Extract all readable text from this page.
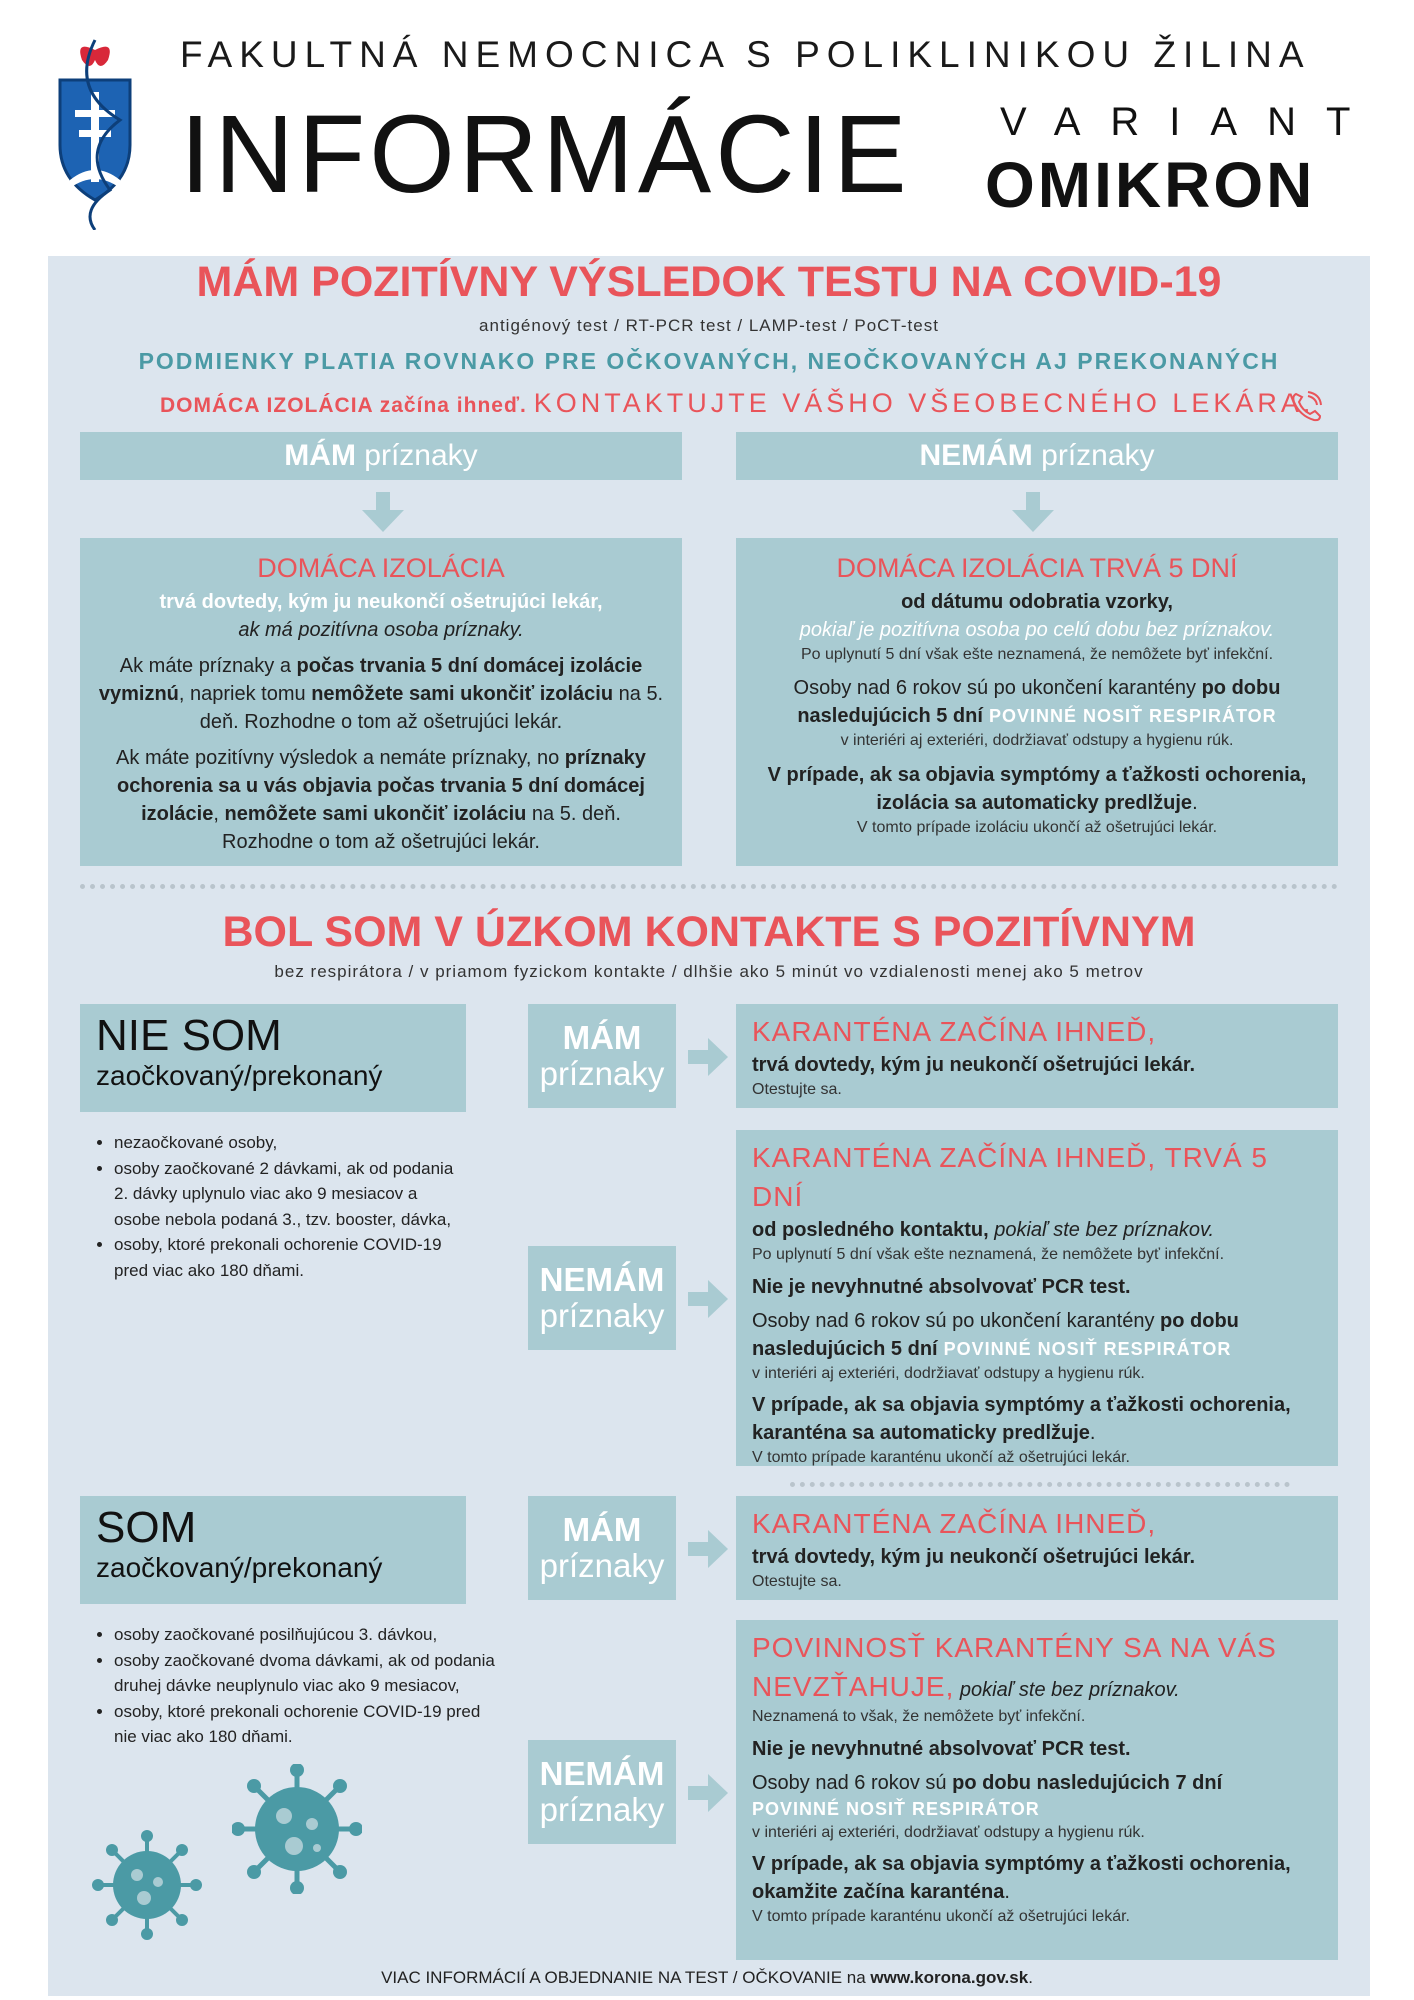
FAKULTNÁ NEMOCNICA S POLIKLINIKOU ŽILINA
INFORMÁCIE VARIANT
OMIKRON
MÁM POZITÍVNY VÝSLEDOK TESTU NA COVID-19
antigénový test / RT-PCR test / LAMP-test / PoCT-test
PODMIENKY PLATIA ROVNAKO PRE OČKOVANÝCH, NEOČKOVANÝCH AJ PREKONANÝCH
DOMÁCA IZOLÁCIA začína ihneď. KONTAKTUJTE VÁŠHO VŠEOBECNÉHO LEKÁRA.
MÁM príznaky	NEMÁM príznaky

DOMÁCA IZOLÁCIA

trvá dovtedy, kým ju neukončí ošetrujúci lekár,

ak má pozitívna osoba príznaky.

Ak máte príznaky a počas trvania 5 dní domácej izolácie vymiznú, napriek tomu nemôžete sami ukončiť izoláciu na 5. deň. Rozhodne o tom až ošetrujúci lekár.

Ak máte pozitívny výsledok a nemáte príznaky, no príznaky ochorenia sa u vás objavia počas trvania 5 dní domácej izolácie, nemôžete sami ukončiť izoláciu na 5. deň. Rozhodne o tom až ošetrujúci lekár.

DOMÁCA IZOLÁCIA TRVÁ 5 DNÍ

od dátumu odobratia vzorky,

pokiaľ je pozitívna osoba po celú dobu bez príznakov.

Po uplynutí 5 dní však ešte neznamená, že nemôžete byť infekční.

Osoby nad 6 rokov sú po ukončení karantény po dobu nasledujúcich 5 dní POVINNÉ NOSIŤ RESPIRÁTOR

v interiéri aj exteriéri, dodržiavať odstupy a hygienu rúk.

V prípade, ak sa objavia symptómy a ťažkosti ochorenia, izolácia sa automaticky predlžuje.

V tomto prípade izoláciu ukončí až ošetrujúci lekár.

BOL SOM V ÚZKOM KONTAKTE S POZITÍVNYM
bez respirátora / v priamom fyzickom kontakte / dlhšie ako 5 minút vo vzdialenosti menej ako 5 metrov
NIE SOM
zaočkovaný/prekonaný
• nezaočkované osoby,
• osoby zaočkované 2 dávkami, ak od podania 2. dávky uplynulo viac ako 9 mesiacov a osobe nebola podaná 3., tzv. booster, dávka,
• osoby, ktoré prekonali ochorenie COVID-19 pred viac ako 180 dňami.
MÁM
príznaky

KARANTÉNA ZAČÍNA IHNEĎ,

trvá dovtedy, kým ju neukončí ošetrujúci lekár.

Otestujte sa.

NEMÁM
príznaky

KARANTÉNA ZAČÍNA IHNEĎ, TRVÁ 5 DNÍ

od posledného kontaktu, pokiaľ ste bez príznakov.

Po uplynutí 5 dní však ešte neznamená, že nemôžete byť infekční.

Nie je nevyhnutné absolvovať PCR test.

Osoby nad 6 rokov sú po ukončení karantény po dobu nasledujúcich 5 dní POVINNÉ NOSIŤ RESPIRÁTOR

v interiéri aj exteriéri, dodržiavať odstupy a hygienu rúk.

V prípade, ak sa objavia symptómy a ťažkosti ochorenia, karanténa sa automaticky predlžuje.

V tomto prípade karanténu ukončí až ošetrujúci lekár.

SOM
zaočkovaný/prekonaný
• osoby zaočkované posilňujúcou 3. dávkou,
• osoby zaočkované dvoma dávkami, ak od podania druhej dávke neuplynulo viac ako 9 mesiacov,
• osoby, ktoré prekonali ochorenie COVID-19 pred nie viac ako 180 dňami.
MÁM
príznaky

KARANTÉNA ZAČÍNA IHNEĎ,

trvá dovtedy, kým ju neukončí ošetrujúci lekár.

Otestujte sa.

NEMÁM
príznaky

POVINNOSŤ KARANTÉNY SA NA VÁS NEVZŤAHUJE, pokiaľ ste bez príznakov.

Neznamená to však, že nemôžete byť infekční.

Nie je nevyhnutné absolvovať PCR test.

Osoby nad 6 rokov sú po dobu nasledujúcich 7 dní

POVINNÉ NOSIŤ RESPIRÁTOR

v interiéri aj exteriéri, dodržiavať odstupy a hygienu rúk.

V prípade, ak sa objavia symptómy a ťažkosti ochorenia, okamžite začína karanténa.

V tomto prípade karanténu ukončí až ošetrujúci lekár.

VIAC INFORMÁCIÍ A OBJEDNANIE NA TEST / OČKOVANIE na www.korona.gov.sk.
